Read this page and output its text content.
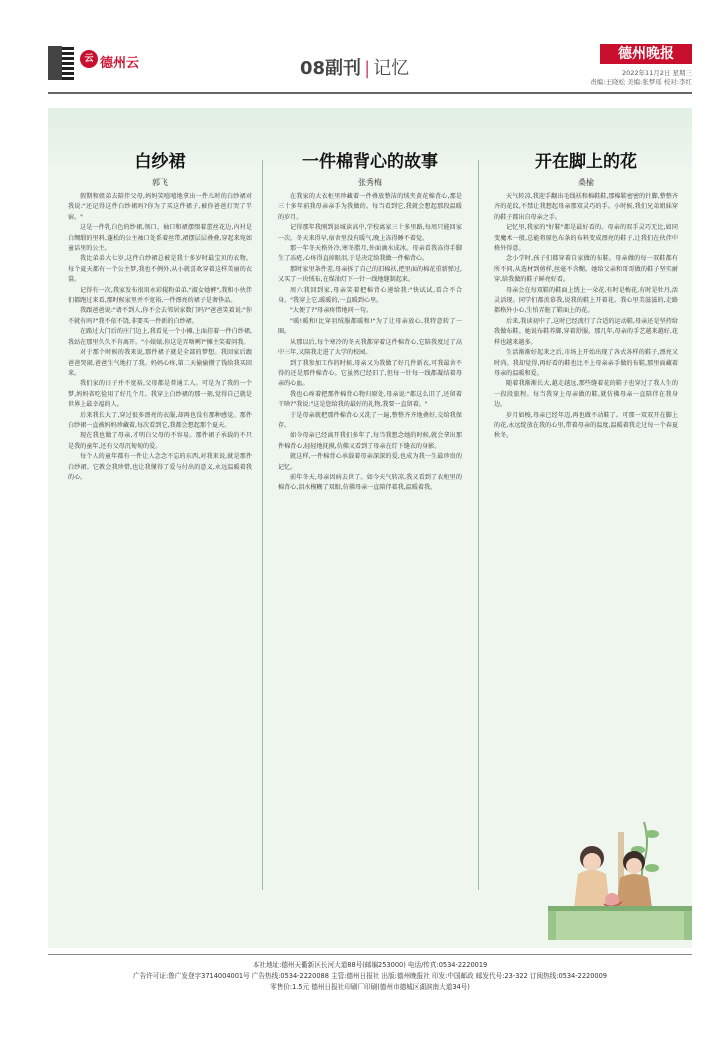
云 德州云	08副刊 | 记忆
德州晚报
2022年11月2日 星期三
责编:王晓松 美编:张梦瑶 校对:李红
白纱裙
郭飞

假期和姐弟去陪伴父母,妈妈笑嘻嘻地拿出一件儿时的白纱裙对我说:"还记得这件白纱裙吗?你为了买这件裙子,被你爸爸打哭了半宿。"

这是一件乳白色的纱裙,领口、袖口和裙摆缀着蕾丝花边,内衬是白绸缎的里料,蓬松的公主袖口处系着丝带,裙摆层层叠叠,穿起来宛如童话里的公主。

我比弟弟大七岁,这件白纱裙总被是我十多岁时最宝贝的衣物。每个夏天都有一个公主梦,我也不例外,从小就喜欢穿着这样美丽的衣裳。

记得有一次,我家发布很用永彩辊粉弟弟,"淑女她裤",我和小伙伴们都跑过来看,那时候家里并不宽裕,一件漂亮的裙子是奢侈品。

我跟爸爸说:"请不到人,你不会去邻居家数门吗?"爸爸笑着说:"你不就有吗?"我不依不饶,非要买一件新的白纱裙。

在路过大门后的庄门边上,我看见一个小摊,上面挂着一件白纱裙,我站在那里久久不肯离开。"小婊婊,你这是弄啥咧?"摊主笑着问我。

对于那个时候的我来说,那件裙子就是全部的梦想。我回家后跟爸爸哭闹,爸爸生气地打了我。妈妈心疼,第二天偷偷攒了钱给我买回来。

我们家的日子并不宽裕,父母都是普通工人。可是为了我的一个梦,妈妈省吃俭用了好几个月。我穿上白纱裙的那一刻,觉得自己就是世界上最幸福的人。

后来我长大了,穿过很多漂亮的衣服,却再也没有那种感觉。那件白纱裙一直被妈妈珍藏着,每次看到它,我都会想起那个夏天。

现在我也做了母亲,才明白父母的不容易。那件裙子承载的不只是我的童年,还有父母沉甸甸的爱。

每个人的童年都有一件让人念念不忘的东西,对我来说,就是那件白纱裙。它教会我珍惜,也让我懂得了爱与付出的意义,永远温暖着我的心。

一件棉背心的故事
张秀梅

在我家的大衣柜里珍藏着一件叠放整洁的绒夹黄花棉背心,那是三十多年前我母亲亲手为我做的。每当看到它,我就会想起那段温暖的岁月。

记得那年我刚到县城读高中,学校离家三十多里路,每周只能回家一次。冬天来得早,宿舍里没有暖气,晚上冻得睡不着觉。

那一年冬天格外冷,寒冬腊月,外面滴水成冰。母亲看我冻得手脚生了冻疮,心疼得直掉眼泪,于是决定给我做一件棉背心。

那时家里条件差,母亲拆了自己的旧棉袄,把里面的棉花重新弹过,又买了一块绒布,在煤油灯下一针一线地缝制起来。

周六我回到家,母亲笑着把棉背心递给我:"快试试,看合不合身。"我穿上它,暖暖的,一直暖到心里。

"大便了?"母亲疼惜地问一句。

"暖!暖和!比穿羽绒服都暖和!"为了让母亲放心,我特意转了一圈。

从那以后,每个寒冷的冬天我都穿着这件棉背心,它陪我度过了高中三年,又陪我走进了大学的校园。

到了我参加工作的时候,母亲又为我做了好几件新衣,可我最舍不得的还是那件棉背心。它虽然已经旧了,但每一针每一线都凝结着母亲的心血。

我也心疼着把那件棉背心物归原处,母亲说:"都这么旧了,还留着干啥?"我说:"这是您给我的最好的礼物,我要一直留着。"

于是母亲就把那件棉背心又洗了一遍,整整齐齐地叠好,交给我保存。

如今母亲已经离开我们多年了,每当我想念她的时候,就会拿出那件棉背心,轻轻地抚摸,仿佛又看到了母亲在灯下缝衣的身影。

就这样,一件棉背心承载着母亲深深的爱,也成为我一生最珍贵的记忆。

前年冬天,母亲因病去世了。如今天气转凉,我又看到了衣柜里的棉背心,泪水模糊了双眼,仿佛母亲一直陪伴着我,温暖着我。

开在脚上的花
桑榆

天气转凉,我迎手翻出毛线袄和棉鞋鞋,那棉鞋密密的针脚,整整齐齐的花纹,不禁让我想起母亲那双灵巧的手。小时候,我们兄弟姐妹穿的鞋子都出自母亲之手。

记忆里,我家的"好鞋"都是最好看的。母亲的双手灵巧无比,如同变魔术一般,总能将原色布条的布料变成漂亮的鞋子,让我们在伙伴中格外得意。

念小学时,孩子们都穿着自家做的布鞋。母亲做的每一双鞋都有所不同,从选材到剪样,丝毫不含糊。她给父亲和哥哥做的鞋子坚实耐穿,给我做的鞋子鲜亮好看。

母亲会在每双鞋的鞋面上绣上一朵花,有时是梅花,有时是牡丹,活灵活现。同学们都羡慕我,说我的鞋上开着花。我心里美滋滋的,走路都格外小心,生怕弄脏了鞋面上的花。

后来,我读初中了,这时已经流行了合适的运动鞋,母亲还是坚持给我做布鞋。她说布鞋养脚,穿着舒服。那几年,母亲的手艺越来越好,花样也越来越多。

生活渐渐好起来之后,市场上开始出现了各式各样的鞋子,漂亮又时尚。我却觉得,再好看的鞋也比不上母亲亲手做的布鞋,那里面藏着母亲的温暖和爱。

随着我渐渐长大,越走越远,那些缝着花的鞋子也穿过了我人生的一段段旅程。每当我穿上母亲做的鞋,就仿佛母亲一直陪伴在我身边。

岁月如梭,母亲已经年迈,再也做不动鞋了。可那一双双开在脚上的花,永远绽放在我的心里,带着母亲的温度,温暖着我走过每一个春夏秋冬。

本社地址:德州天衢新区长河大道88号(邮编253000) 电话/传真:0534-2220019
广告许可证:鲁广发登字3714004001号 广告热线:0534-2220088 主管:德州日报社 出版:德州晚报社 印发:中国邮政 邮发代号:23-322 订阅热线:0534-2220009
零售价:1.5元 德州日报社印刷厂印刷(德州市德城区湖滨南大道34号)
